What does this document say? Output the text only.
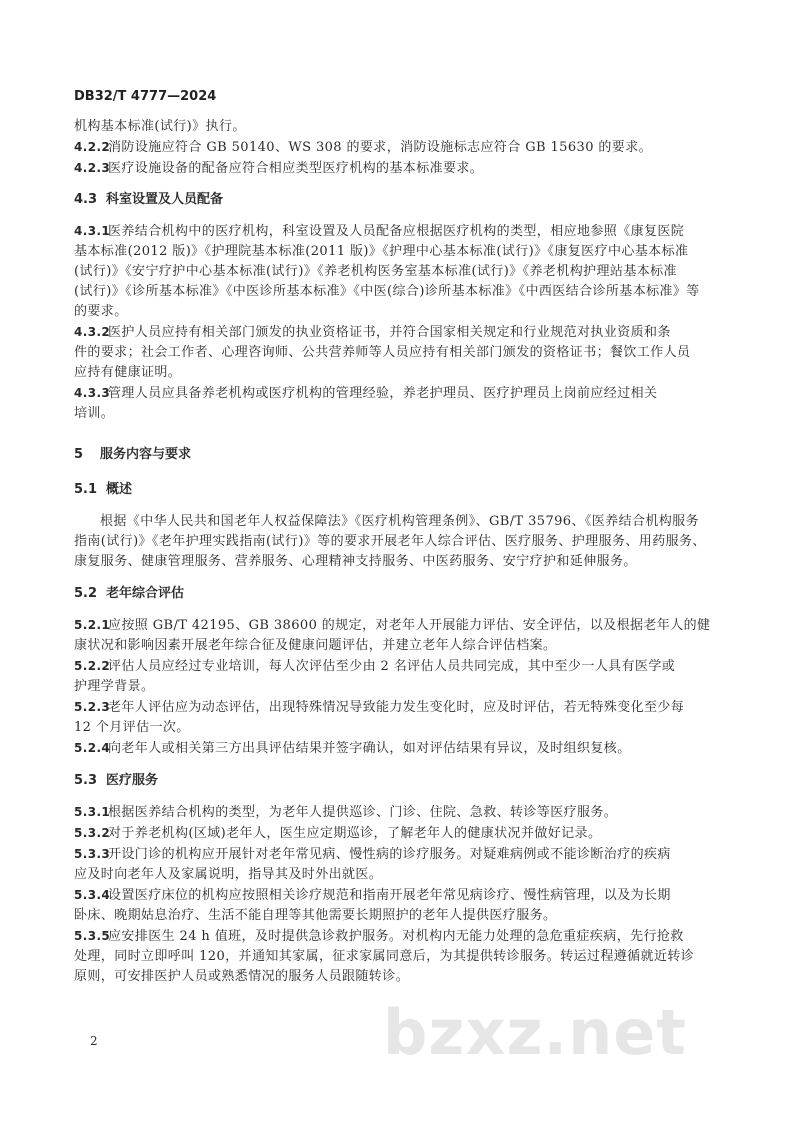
DB32/T 4777—2024
机构基本标准(试行)》执行。
4.2.2消防设施应符合 GB 50140、WS 308 的要求，消防设施标志应符合 GB 15630 的要求。
4.2.3医疗设施设备的配备应符合相应类型医疗机构的基本标准要求。
4.3 科室设置及人员配备
4.3.1医养结合机构中的医疗机构，科室设置及人员配备应根据医疗机构的类型，相应地参照《康复医院
基本标准(2012 版)》《护理院基本标准(2011 版)》《护理中心基本标准(试行)》《康复医疗中心基本标准
(试行)》《安宁疗护中心基本标准(试行)》《养老机构医务室基本标准(试行)》《养老机构护理站基本标准
(试行)》《诊所基本标准》《中医诊所基本标准》《中医(综合)诊所基本标准》《中西医结合诊所基本标准》等
的要求。
4.3.2医护人员应持有相关部门颁发的执业资格证书，并符合国家相关规定和行业规范对执业资质和条
件的要求；社会工作者、心理咨询师、公共营养师等人员应持有相关部门颁发的资格证书；餐饮工作人员
应持有健康证明。
4.3.3管理人员应具备养老机构或医疗机构的管理经验，养老护理员、医疗护理员上岗前应经过相关
培训。
5 服务内容与要求
5.1 概述
根据《中华人民共和国老年人权益保障法》《医疗机构管理条例》、GB/T 35796、《医养结合机构服务
指南(试行)》《老年护理实践指南(试行)》等的要求开展老年人综合评估、医疗服务、护理服务、用药服务、
康复服务、健康管理服务、营养服务、心理精神支持服务、中医药服务、安宁疗护和延伸服务。
5.2 老年综合评估
5.2.1应按照 GB/T 42195、GB 38600 的规定，对老年人开展能力评估、安全评估，以及根据老年人的健
康状况和影响因素开展老年综合征及健康问题评估，并建立老年人综合评估档案。
5.2.2评估人员应经过专业培训，每人次评估至少由 2 名评估人员共同完成，其中至少一人具有医学或
护理学背景。
5.2.3老年人评估应为动态评估，出现特殊情况导致能力发生变化时，应及时评估，若无特殊变化至少每
12 个月评估一次。
5.2.4向老年人或相关第三方出具评估结果并签字确认，如对评估结果有异议，及时组织复核。
5.3 医疗服务
5.3.1根据医养结合机构的类型，为老年人提供巡诊、门诊、住院、急救、转诊等医疗服务。
5.3.2对于养老机构(区域)老年人，医生应定期巡诊，了解老年人的健康状况并做好记录。
5.3.3开设门诊的机构应开展针对老年常见病、慢性病的诊疗服务。对疑难病例或不能诊断治疗的疾病
应及时向老年人及家属说明，指导其及时外出就医。
5.3.4设置医疗床位的机构应按照相关诊疗规范和指南开展老年常见病诊疗、慢性病管理，以及为长期
卧床、晚期姑息治疗、生活不能自理等其他需要长期照护的老年人提供医疗服务。
5.3.5应安排医生 24 h 值班，及时提供急诊救护服务。对机构内无能力处理的急危重症疾病，先行抢救
处理，同时立即呼叫 120，并通知其家属，征求家属同意后，为其提供转诊服务。转运过程遵循就近转诊
原则，可安排医护人员或熟悉情况的服务人员跟随转诊。
bzxz.net
2
